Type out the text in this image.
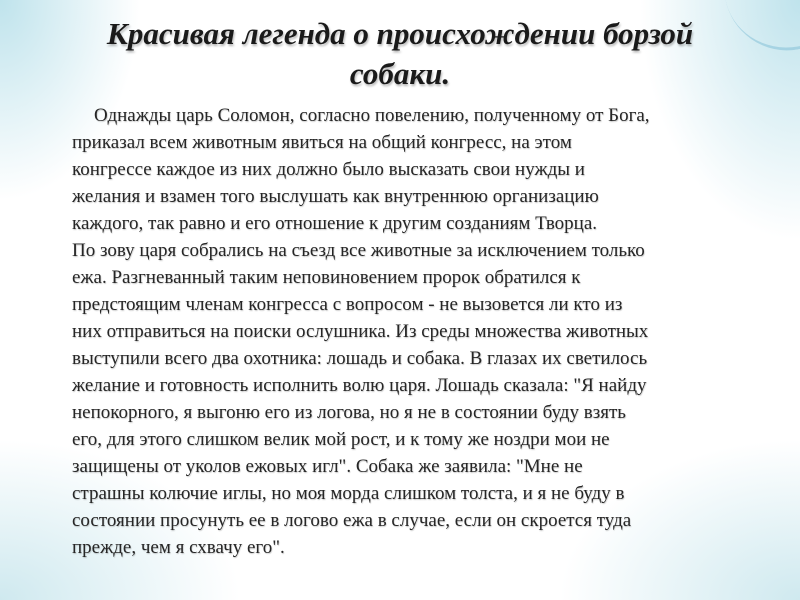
Красивая легенда о происхождении борзой
собаки.
Однажды царь Соломон, согласно повелению, полученному от Бога,
приказал всем животным явиться на общий конгресс, на этом
конгрессе каждое из них должно было высказать свои нужды и
желания и взамен того выслушать как внутреннюю организацию
каждого, так равно и его отношение к другим созданиям Творца.
По зову царя собрались на съезд все животные за исключением только
ежа. Разгневанный таким неповиновением пророк обратился к
предстоящим членам конгресса с вопросом - не вызовется ли кто из
них отправиться на поиски ослушника. Из среды множества животных
выступили всего два охотника: лошадь и собака. В глазах их светилось
желание и готовность исполнить волю царя. Лошадь сказала: "Я найду
непокорного, я выгоню его из логова, но я не в состоянии буду взять
его, для этого слишком велик мой рост, и к тому же ноздри мои не
защищены от уколов ежовых игл". Собака же заявила: "Мне не
страшны колючие иглы, но моя морда слишком толста, и я не буду в
состоянии просунуть ее в логово ежа в случае, если он скроется туда
прежде, чем я схвачу его".
